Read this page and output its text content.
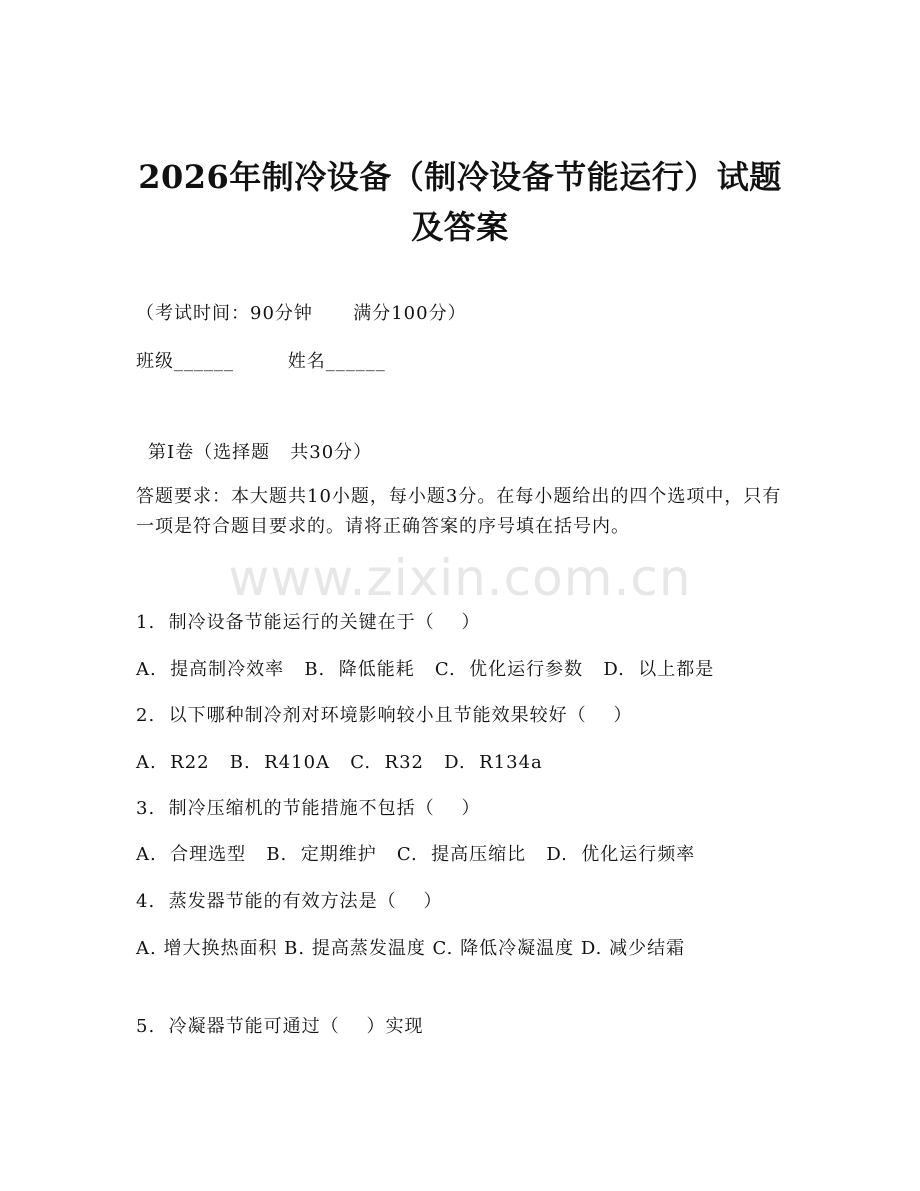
2026年制冷设备（制冷设备节能运行）试题
及答案
（考试时间：90分钟      满分100分）
班级______        姓名______
第Ⅰ卷（选择题   共30分）
答题要求：本大题共10小题，每小题3分。在每小题给出的四个选项中，只有一项是符合题目要求的。请将正确答案的序号填在括号内。
www.zixin.com.cn
1.  制冷设备节能运行的关键在于（    ）
A.  提高制冷效率   B.  降低能耗   C.  优化运行参数   D.  以上都是
2.  以下哪种制冷剂对环境影响较小且节能效果较好（    ）
A.  R22   B.  R410A   C.  R32   D.  R134a
3.  制冷压缩机的节能措施不包括（    ）
A.  合理选型   B.  定期维护   C.  提高压缩比   D.  优化运行频率
4.  蒸发器节能的有效方法是（    ）
A. 增大换热面积 B. 提高蒸发温度 C. 降低冷凝温度 D. 减少结霜
5.  冷凝器节能可通过（    ）实现
